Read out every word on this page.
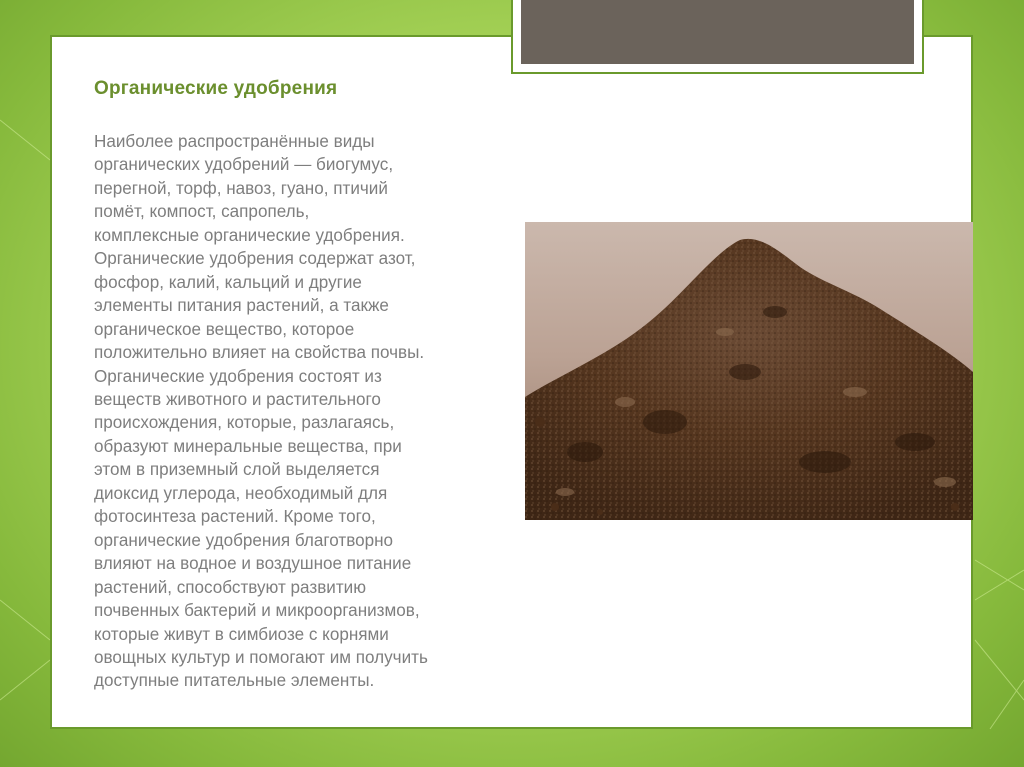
Органические удобрения
Наиболее распространённые виды
органических удобрений — биогумус,
перегной, торф, навоз, гуано, птичий
помёт, компост, сапропель,
комплексные органические удобрения.
Органические удобрения содержат азот,
фосфор, калий, кальций и другие
элементы питания растений, а также
органическое вещество, которое
положительно влияет на свойства почвы.
Органические удобрения состоят из
веществ животного и растительного
происхождения, которые, разлагаясь,
образуют минеральные вещества, при
этом в приземный слой выделяется
диоксид углерода, необходимый для
фотосинтеза растений. Кроме того,
органические удобрения благотворно
влияют на водное и воздушное питание
растений, способствуют развитию
почвенных бактерий и микроорганизмов,
которые живут в симбиозе с корнями
овощных культур и помогают им получить
доступные питательные элементы.
